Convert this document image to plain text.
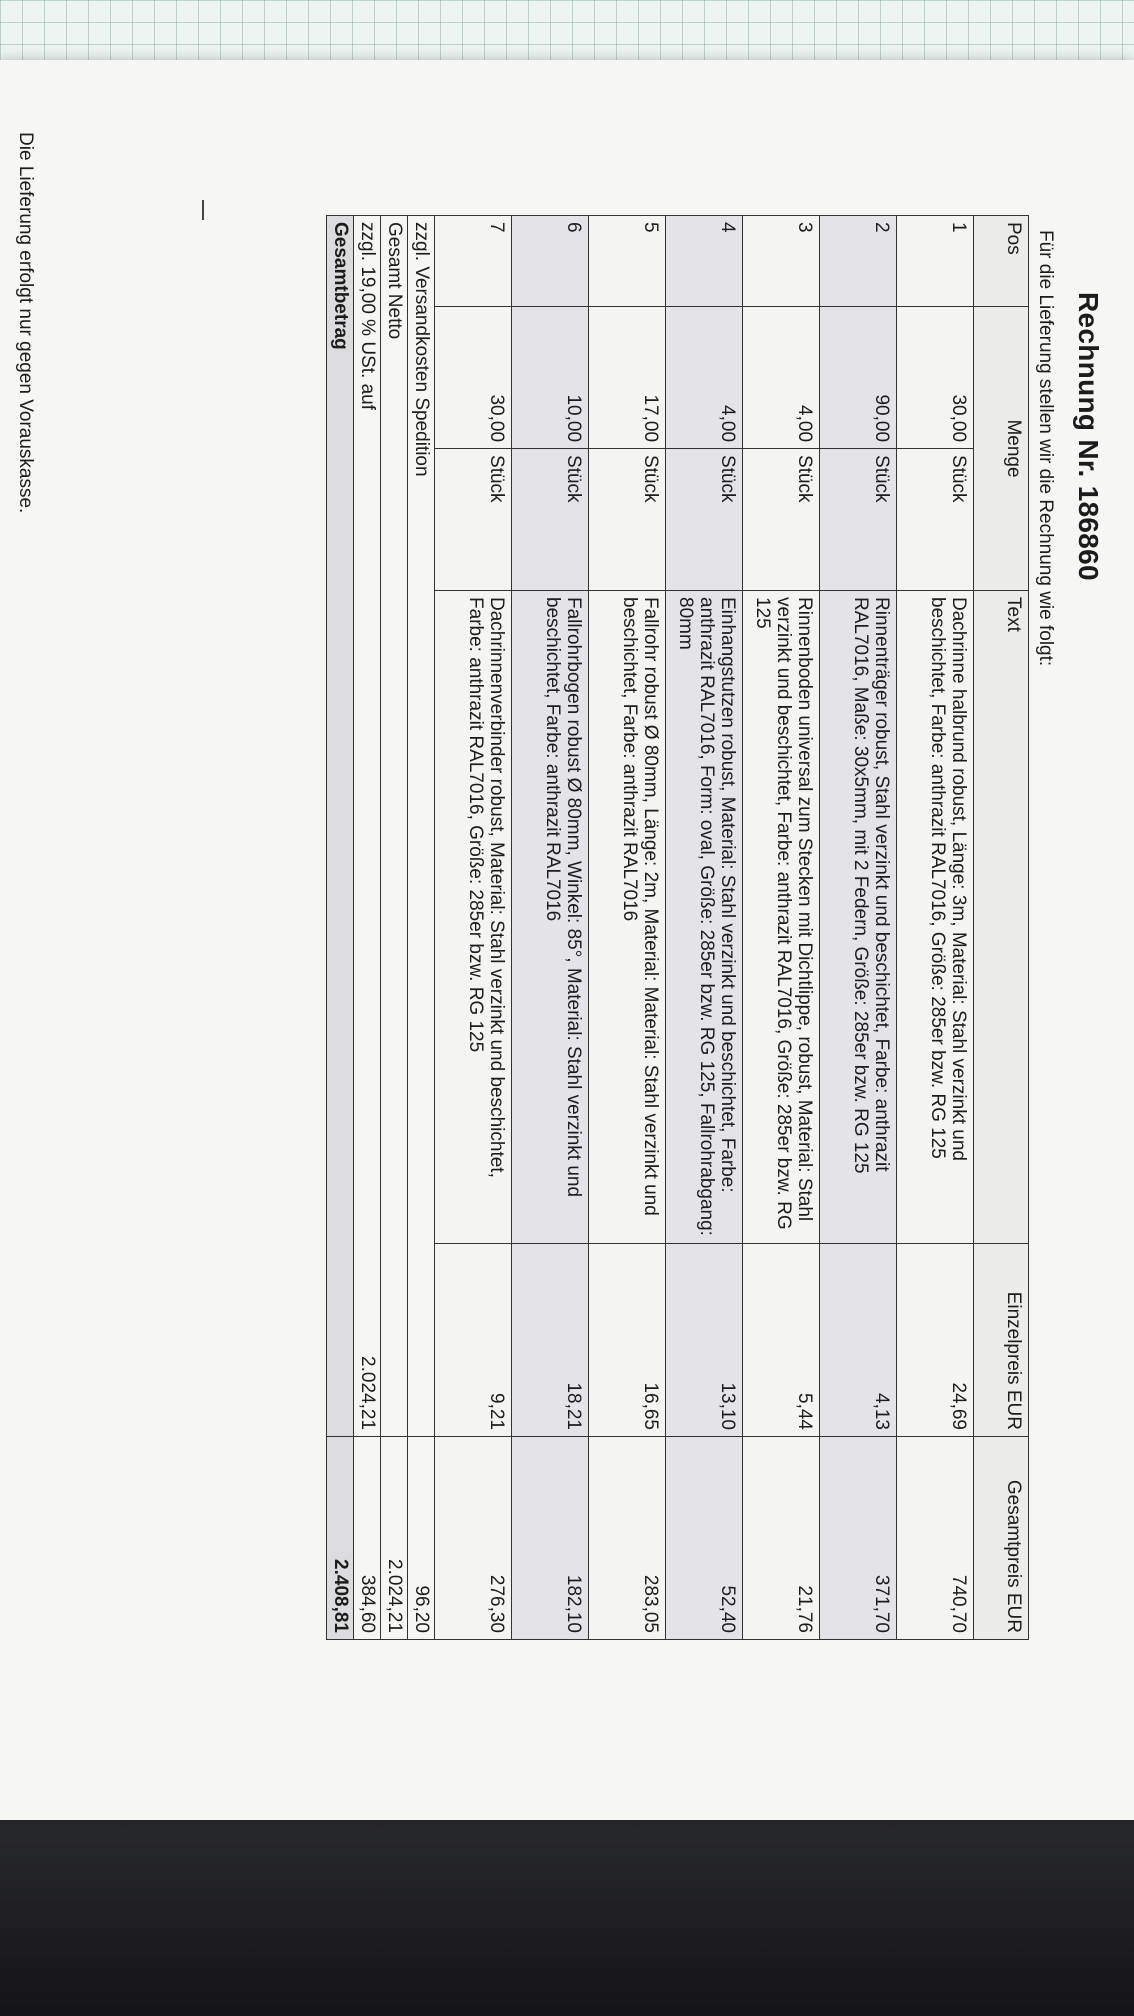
Rechnung Nr. 186860
Für die Lieferung stellen wir die Rechnung wie folgt:
Pos	Menge		Text	Einzelpreis EUR	Gesamtpreis EUR
1	30,00	Stück	Dachrinne halbrund robust, Länge: 3m, Material: Stahl verzinkt und beschichtet, Farbe: anthrazit RAL7016, Größe: 285er bzw. RG 125	24,69	740,70
2	90,00	Stück	Rinnenträger robust, Stahl verzinkt und beschichtet, Farbe: anthrazit RAL7016, Maße: 30x5mm, mit 2 Federn, Größe: 285er bzw. RG 125	4,13	371,70
3	4,00	Stück	Rinnenboden universal zum Stecken mit Dichtlippe, robust, Material: Stahl verzinkt und beschichtet, Farbe: anthrazit RAL7016, Größe: 285er bzw. RG 125	5,44	21,76
4	4,00	Stück	Einhangstutzen robust, Material: Stahl verzinkt und beschichtet, Farbe: anthrazit RAL7016, Form: oval, Größe: 285er bzw. RG 125, Fallrohrabgang: 80mm	13,10	52,40
5	17,00	Stück	Fallrohr robust Ø 80mm, Länge: 2m, Material: Material: Stahl verzinkt und beschichtet, Farbe: anthrazit RAL7016	16,65	283,05
6	10,00	Stück	Fallrohrbogen robust Ø 80mm, Winkel: 85°, Material: Stahl verzinkt und beschichtet, Farbe: anthrazit RAL7016	18,21	182,10
7	30,00	Stück	Dachrinnenverbinder robust, Material: Stahl verzinkt und beschichtet, Farbe: anthrazit RAL7016, Größe: 285er bzw. RG 125	9,21	276,30
zzgl. Versandkosten Spedition					96,20
Gesamt Netto					2.024,21
zzgl. 19,00 % USt. auf				2.024,21	384,60
Gesamtbetrag					2.408,81
Die Lieferung erfolgt nur gegen Vorauskasse.
